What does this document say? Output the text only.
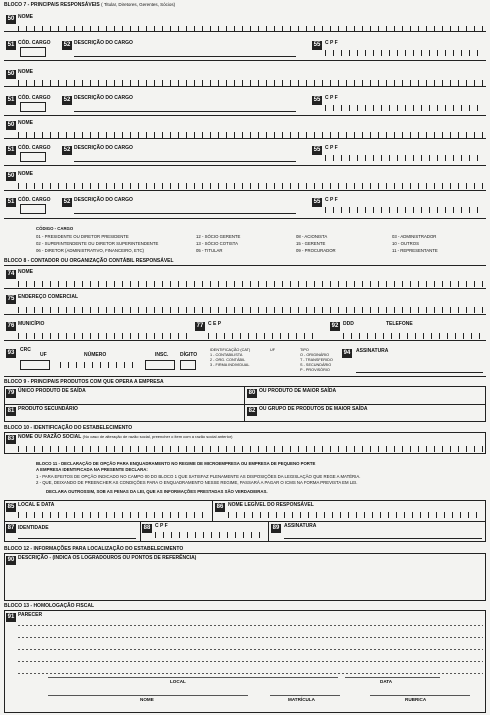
BLOCO 7 - PRINCIPAIS RESPONSÁVEIS ( Titular, Diretores, Gerentes, Sócios)
50 NOME
51 CÓD. CARGO 52 DESCRIÇÃO DO CARGO	55 C P F
50 NOME
51 CÓD. CARGO 52 DESCRIÇÃO DO CARGO	55 C P F
50 NOME
51 CÓD. CARGO 52 DESCRIÇÃO DO CARGO	55 C P F
50 NOME
51 CÓD. CARGO 52 DESCRIÇÃO DO CARGO	55 C P F
CÓDIGO - CARGO
01 - PRESIDENTE OU DIRETOR PRESIDENTE	12 - SÓCIO GERENTE	08 - ACIONISTA	03 - ADMINISTRADOR
02 - SUPERINTENDENTE OU DIRETOR SUPERINTENDENTE	13 - SÓCIO COTISTA	15 - GERENTE	10 - OUTROS
06 - DIRETOR (ADMINISTRATIVO, FINANCEIRO, ETC)	05 - TITULAR	09 - PROCURADOR	11 - REPRESENTANTE
BLOCO 8 - CONTADOR OU ORGANIZAÇÃO CONTÁBIL RESPONSÁVEL
74 NOME
75 ENDEREÇO COMERCIAL
76 MUNICÍPIO	77 C E P	92 DDD	TELEFONE
93	CRC
UF	NÚMERO	INSC. DÍGITO
IDENTIFICAÇÃO (CAT)
1 - CONTABILISTA
2 - ORG. CONTÁBIL
3 - FIRMA INDIVIDUAL
UF	TIPO
O - ORIGINÁRIO
T - TRANSFERIDO
S - SECUNDÁRIO
P - PROVISÓRIO
94	ASSINATURA
BLOCO 9 - PRINCIPAIS PRODUTOS COM QUE OPERA A EMPRESA
79 ÚNICO PRODUTO DE SAÍDA	80 OU PRODUTO DE MAIOR SAÍDA
81 PRODUTO SECUNDÁRIO	82 OU GRUPO DE PRODUTOS DE MAIOR SAÍDA
BLOCO 10 - IDENTIFICAÇÃO DO ESTABELECIMENTO
83 NOME OU RAZÃO SOCIAL (No caso de alteração de razão social, preencher o item com a razão social anterior)
BLOCO 11 - DECLARAÇÃO DE OPÇÃO PARA ENQUADRAMENTO NO REGIME DE MICROEMPRESA OU EMPRESA DE PEQUENO PORTE
A EMPRESA IDENTIFICADA NA PRESENTE DECLARA:
1 - PARA EFEITOS DE OPÇÃO INDICADO NO CAMPO 00 DO BLOCO 1 QUE SATISFAZ PLENAMENTE AS DISPOSIÇÕES DA LEGISLAÇÃO QUE REGE A MATÉRIA.
2 - QUE, DEIXANDO DE PREENCHER AS CONDIÇÕES PARA O ENQUADRAMENTO NESSE REGIME, PASSARÁ A PAGAR O ICMS NA FORMA PREVISTA EM LEI.
DECLARA OUTROSSIM, SOB AS PENAS DA LEI, QUE AS INFORMAÇÕES PRESTADAS SÃO VERDADEIRAS.
85 LOCAL E DATA	86 NOME LEGÍVEL DO RESPONSÁVEL
87 IDENTIDADE	88 C P F	89 ASSINATURA
BLOCO 12 - INFORMAÇÕES PARA LOCALIZAÇÃO DO ESTABELECIMENTO
90 DESCRIÇÃO - (INDICA OS LOGRADOUROS OU PONTOS DE REFERÊNCIA)
BLOCO 13 - HOMOLOGAÇÃO FISCAL
91 PARECER
LOCAL	DATA
NOME	MATRÍCULA	RUBRICA
